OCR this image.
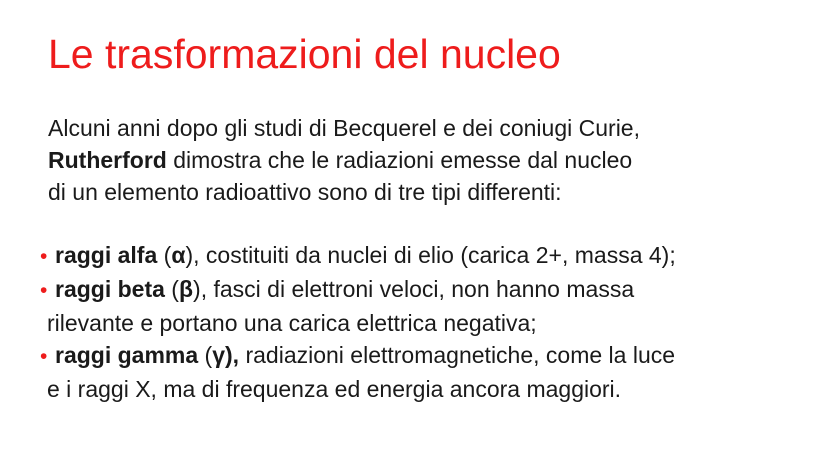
Le trasformazioni del nucleo
Alcuni anni dopo gli studi di Becquerel e dei coniugi Curie,
Rutherford dimostra che le radiazioni emesse dal nucleo
di un elemento radioattivo sono di tre tipi differenti:
• raggi alfa (α), costituiti da nuclei di elio (carica 2+, massa 4);
• raggi beta (β), fasci di elettroni veloci, non hanno massa
rilevante e portano una carica elettrica negativa;
• raggi gamma (γ), radiazioni elettromagnetiche, come la luce
e i raggi X, ma di frequenza ed energia ancora maggiori.
